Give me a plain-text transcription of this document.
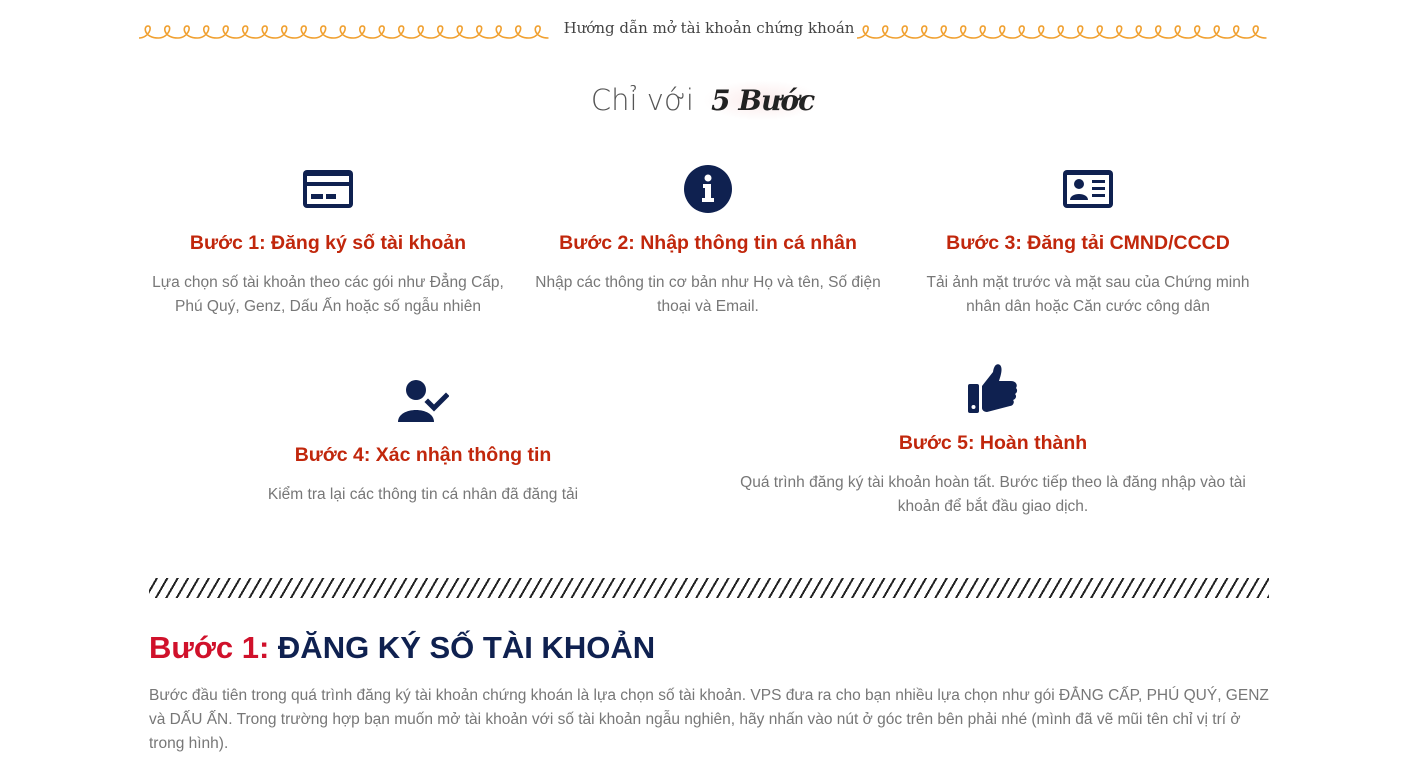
Hướng dẫn mở tài khoản chứng khoán
Chỉ với 5 Bước
Bước 1: Đăng ký số tài khoản
Lựa chọn số tài khoản theo các gói như Đẳng Cấp, Phú Quý, Genz, Dấu Ấn hoặc số ngẫu nhiên
Bước 2: Nhập thông tin cá nhân
Nhập các thông tin cơ bản như Họ và tên, Số điện thoại và Email.
Bước 3: Đăng tải CMND/CCCD
Tải ảnh mặt trước và mặt sau của Chứng minh nhân dân hoặc Căn cước công dân
Bước 4: Xác nhận thông tin
Kiểm tra lại các thông tin cá nhân đã đăng tải
Bước 5: Hoàn thành
Quá trình đăng ký tài khoản hoàn tất. Bước tiếp theo là đăng nhập vào tài khoản để bắt đầu giao dịch.
Bước 1: ĐĂNG KÝ SỐ TÀI KHOẢN
Bước đầu tiên trong quá trình đăng ký tài khoản chứng khoán là lựa chọn số tài khoản. VPS đưa ra cho bạn nhiều lựa chọn như gói ĐẲNG CẤP, PHÚ QUÝ, GENZ và DẤU ẤN. Trong trường hợp bạn muốn mở tài khoản với số tài khoản ngẫu nghiên, hãy nhấn vào nút ở góc trên bên phải nhé (mình đã vẽ mũi tên chỉ vị trí ở trong hình).
